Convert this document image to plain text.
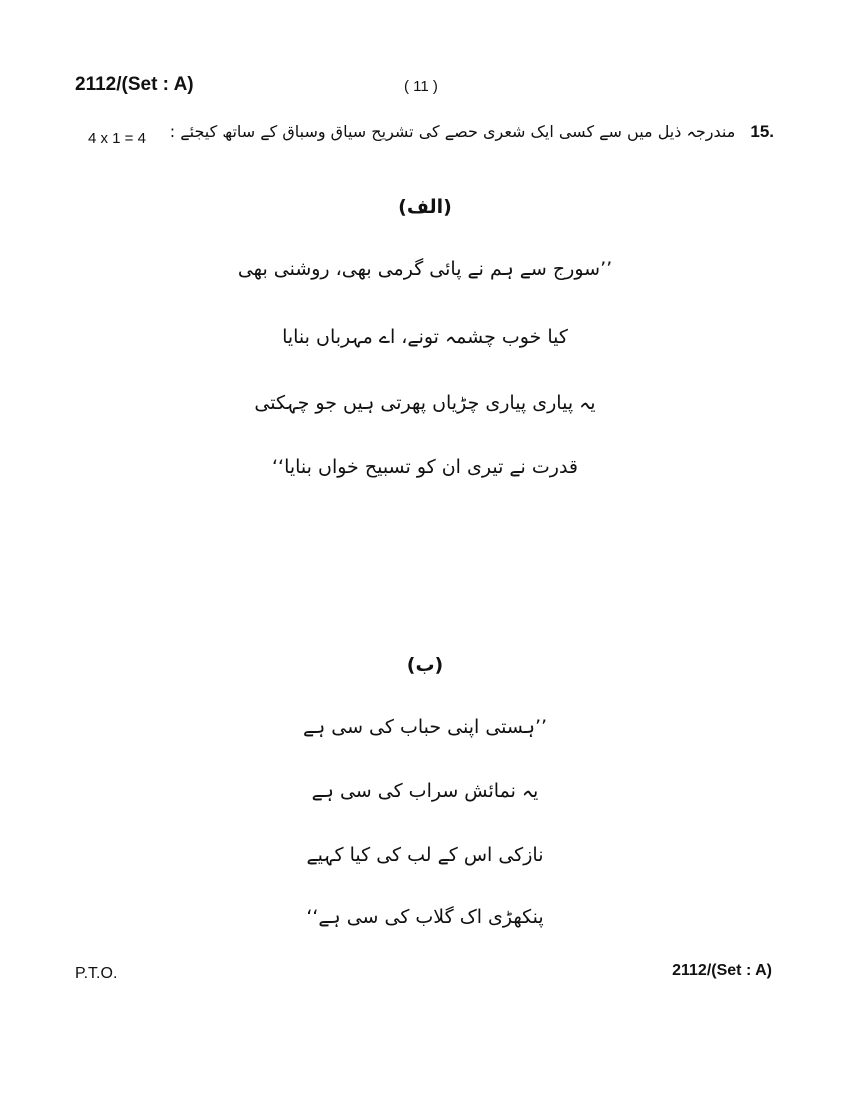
2112/(Set : A)	( 11 )
4 x 1 = 4	15. مندرجہ ذیل میں سے کسی ایک شعری حصے کی تشریح سیاق وسباق کے ساتھ کیجئے :
(الف)
’’سورج سے ہم نے پائی گرمی بھی، روشنی بھی
کیا خوب چشمہ تونے، اے مہرباں بنایا
یہ پیاری پیاری چڑیاں پھرتی ہیں جو چہکتی
قدرت نے تیری ان کو تسبیح خواں بنایا‘‘
(ب)
’’ہستی اپنی حباب کی سی ہے
یہ نمائش سراب کی سی ہے
نازکی اس کے لب کی کیا کہیے
پنکھڑی اک گلاب کی سی ہے‘‘
P.T.O.	2112/(Set : A)
